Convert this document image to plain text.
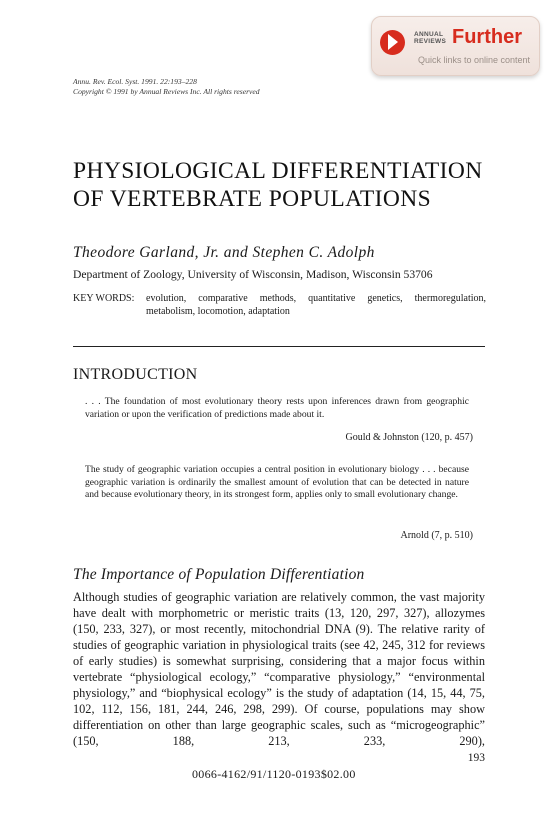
ANNUAL
REVIEWS Further
Quick links to online content
Annu. Rev. Ecol. Syst. 1991. 22:193–228
Copyright © 1991 by Annual Reviews Inc. All rights reserved
PHYSIOLOGICAL DIFFERENTIATION
OF VERTEBRATE POPULATIONS
Theodore Garland, Jr. and Stephen C. Adolph
Department of Zoology, University of Wisconsin, Madison, Wisconsin 53706
KEY WORDS: evolution, comparative methods, quantitative genetics, thermoregulation, metabolism, locomotion, adaptation
INTRODUCTION
. . . The foundation of most evolutionary theory rests upon inferences drawn from geographic variation or upon the verification of predictions made about it.
Gould & Johnston (120, p. 457)
The study of geographic variation occupies a central position in evolutionary biology . . . because geographic variation is ordinarily the smallest amount of evolution that can be detected in nature and because evolutionary theory, in its strongest form, applies only to small evolutionary change.
Arnold (7, p. 510)
The Importance of Population Differentiation
Although studies of geographic variation are relatively common, the vast majority have dealt with morphometric or meristic traits (13, 120, 297, 327), allozymes (150, 233, 327), or most recently, mitochondrial DNA (9). The relative rarity of studies of geographic variation in physiological traits (see 42, 245, 312 for reviews of early studies) is somewhat surprising, considering that a major focus within vertebrate “physiological ecology,” “comparative physiology,” “environmental physiology,” and “biophysical ecology” is the study of adaptation (14, 15, 44, 75, 102, 112, 156, 181, 244, 246, 298, 299). Of course, populations may show differentiation on other than large geographic scales, such as “microgeographic” (150, 188, 213, 233, 290),
193
0066-4162/91/1120-0193$02.00
